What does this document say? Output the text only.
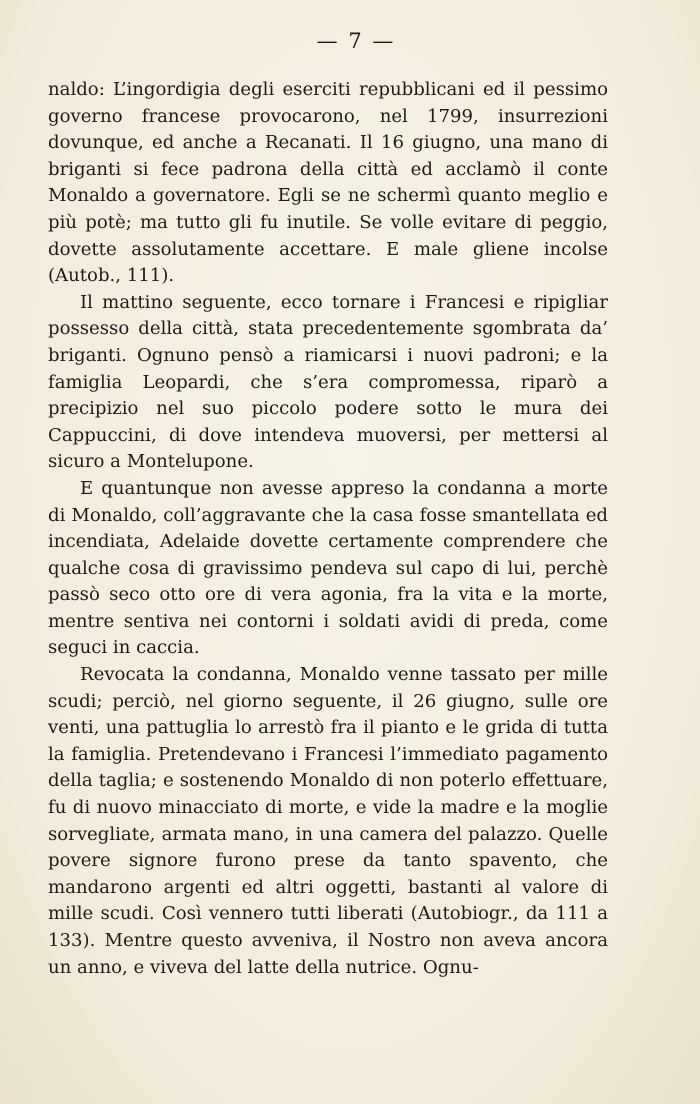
— 7 —

naldo: L’ingordigia degli eserciti repubblicani ed il pessimo governo francese provocarono, nel 1799, insurrezioni dovunque, ed anche a Recanati. Il 16 giugno, una mano di briganti si fece padrona della città ed acclamò il conte Monaldo a governatore. Egli se ne schermì quanto meglio e più potè; ma tutto gli fu inutile. Se volle evitare di peggio, dovette assolutamente accettare. E male gliene incolse (Autob., 111).

Il mattino seguente, ecco tornare i Francesi e ripigliar possesso della città, stata precedentemente sgombrata da’ briganti. Ognuno pensò a riamicarsi i nuovi padroni; e la famiglia Leopardi, che s’era compromessa, riparò a precipizio nel suo piccolo podere sotto le mura dei Cappuccini, di dove intendeva muoversi, per mettersi al sicuro a Montelupone.

E quantunque non avesse appreso la condanna a morte di Monaldo, coll’aggravante che la casa fosse smantellata ed incendiata, Adelaide dovette certamente comprendere che qualche cosa di gravissimo pendeva sul capo di lui, perchè passò seco otto ore di vera agonia, fra la vita e la morte, mentre sentiva nei contorni i soldati avidi di preda, come seguci in caccia.

Revocata la condanna, Monaldo venne tassato per mille scudi; perciò, nel giorno seguente, il 26 giugno, sulle ore venti, una pattuglia lo arrestò fra il pianto e le grida di tutta la famiglia. Pretendevano i Francesi l’immediato pagamento della taglia; e sostenendo Monaldo di non poterlo effettuare, fu di nuovo minacciato di morte, e vide la madre e la moglie sorvegliate, armata mano, in una camera del palazzo. Quelle povere signore furono prese da tanto spavento, che mandarono argenti ed altri oggetti, bastanti al valore di mille scudi. Così vennero tutti liberati (Autobiogr., da 111 a 133). Mentre questo avveniva, il Nostro non aveva ancora un anno, e viveva del latte della nutrice. Ognu-
